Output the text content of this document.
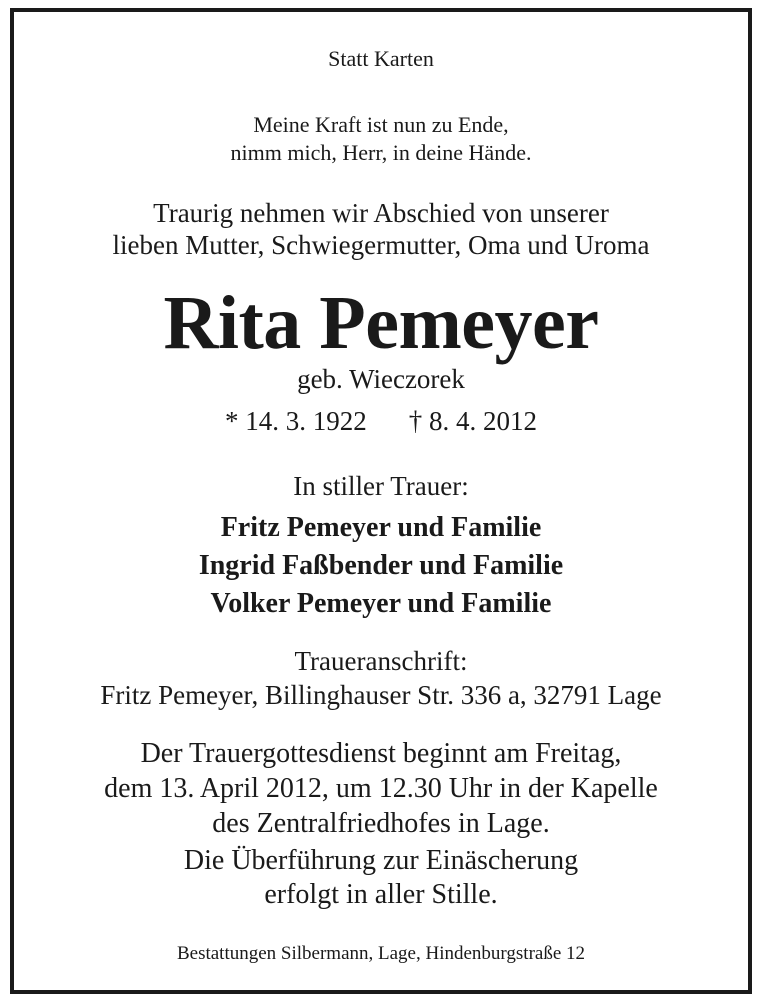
Statt Karten
Meine Kraft ist nun zu Ende,
nimm mich, Herr, in deine Hände.
Traurig nehmen wir Abschied von unserer
lieben Mutter, Schwiegermutter, Oma und Uroma
Rita Pemeyer
geb. Wieczorek
* 14. 3. 1922 † 8. 4. 2012
In stiller Trauer:
Fritz Pemeyer und Familie
Ingrid Faßbender und Familie
Volker Pemeyer und Familie
Traueranschrift:
Fritz Pemeyer, Billinghauser Str. 336 a, 32791 Lage
Der Trauergottesdienst beginnt am Freitag,
dem 13. April 2012, um 12.30 Uhr in der Kapelle
des Zentralfriedhofes in Lage.
Die Überführung zur Einäscherung
erfolgt in aller Stille.
Bestattungen Silbermann, Lage, Hindenburgstraße 12
